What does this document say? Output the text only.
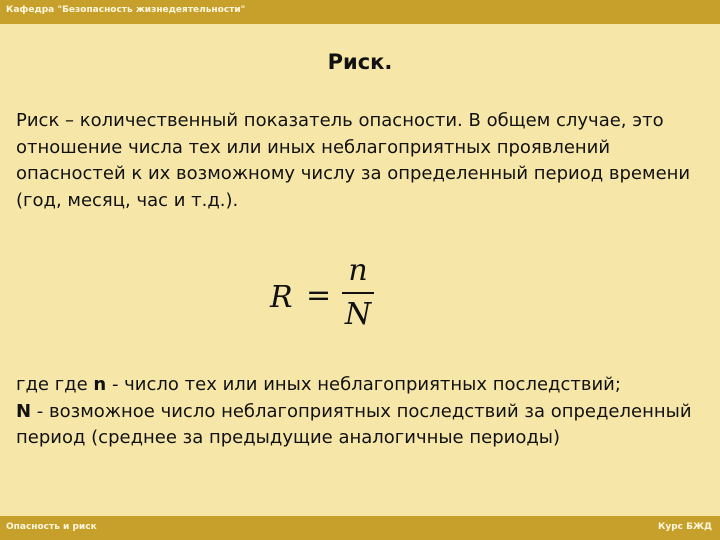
Кафедра "Безопасность жизнедеятельности"
Риск.
Риск – количественный показатель опасности. В общем случае, это отношение числа тех или иных неблагоприятных проявлений опасностей к их возможному числу за определенный период времени (год, месяц, час и т.д.).
R =
n
N
где где n - число тех или иных неблагоприятных последствий;
N - возможное число неблагоприятных последствий за определенный период (среднее за предыдущие аналогичные периоды)
Опасность и риск	Курс БЖД
